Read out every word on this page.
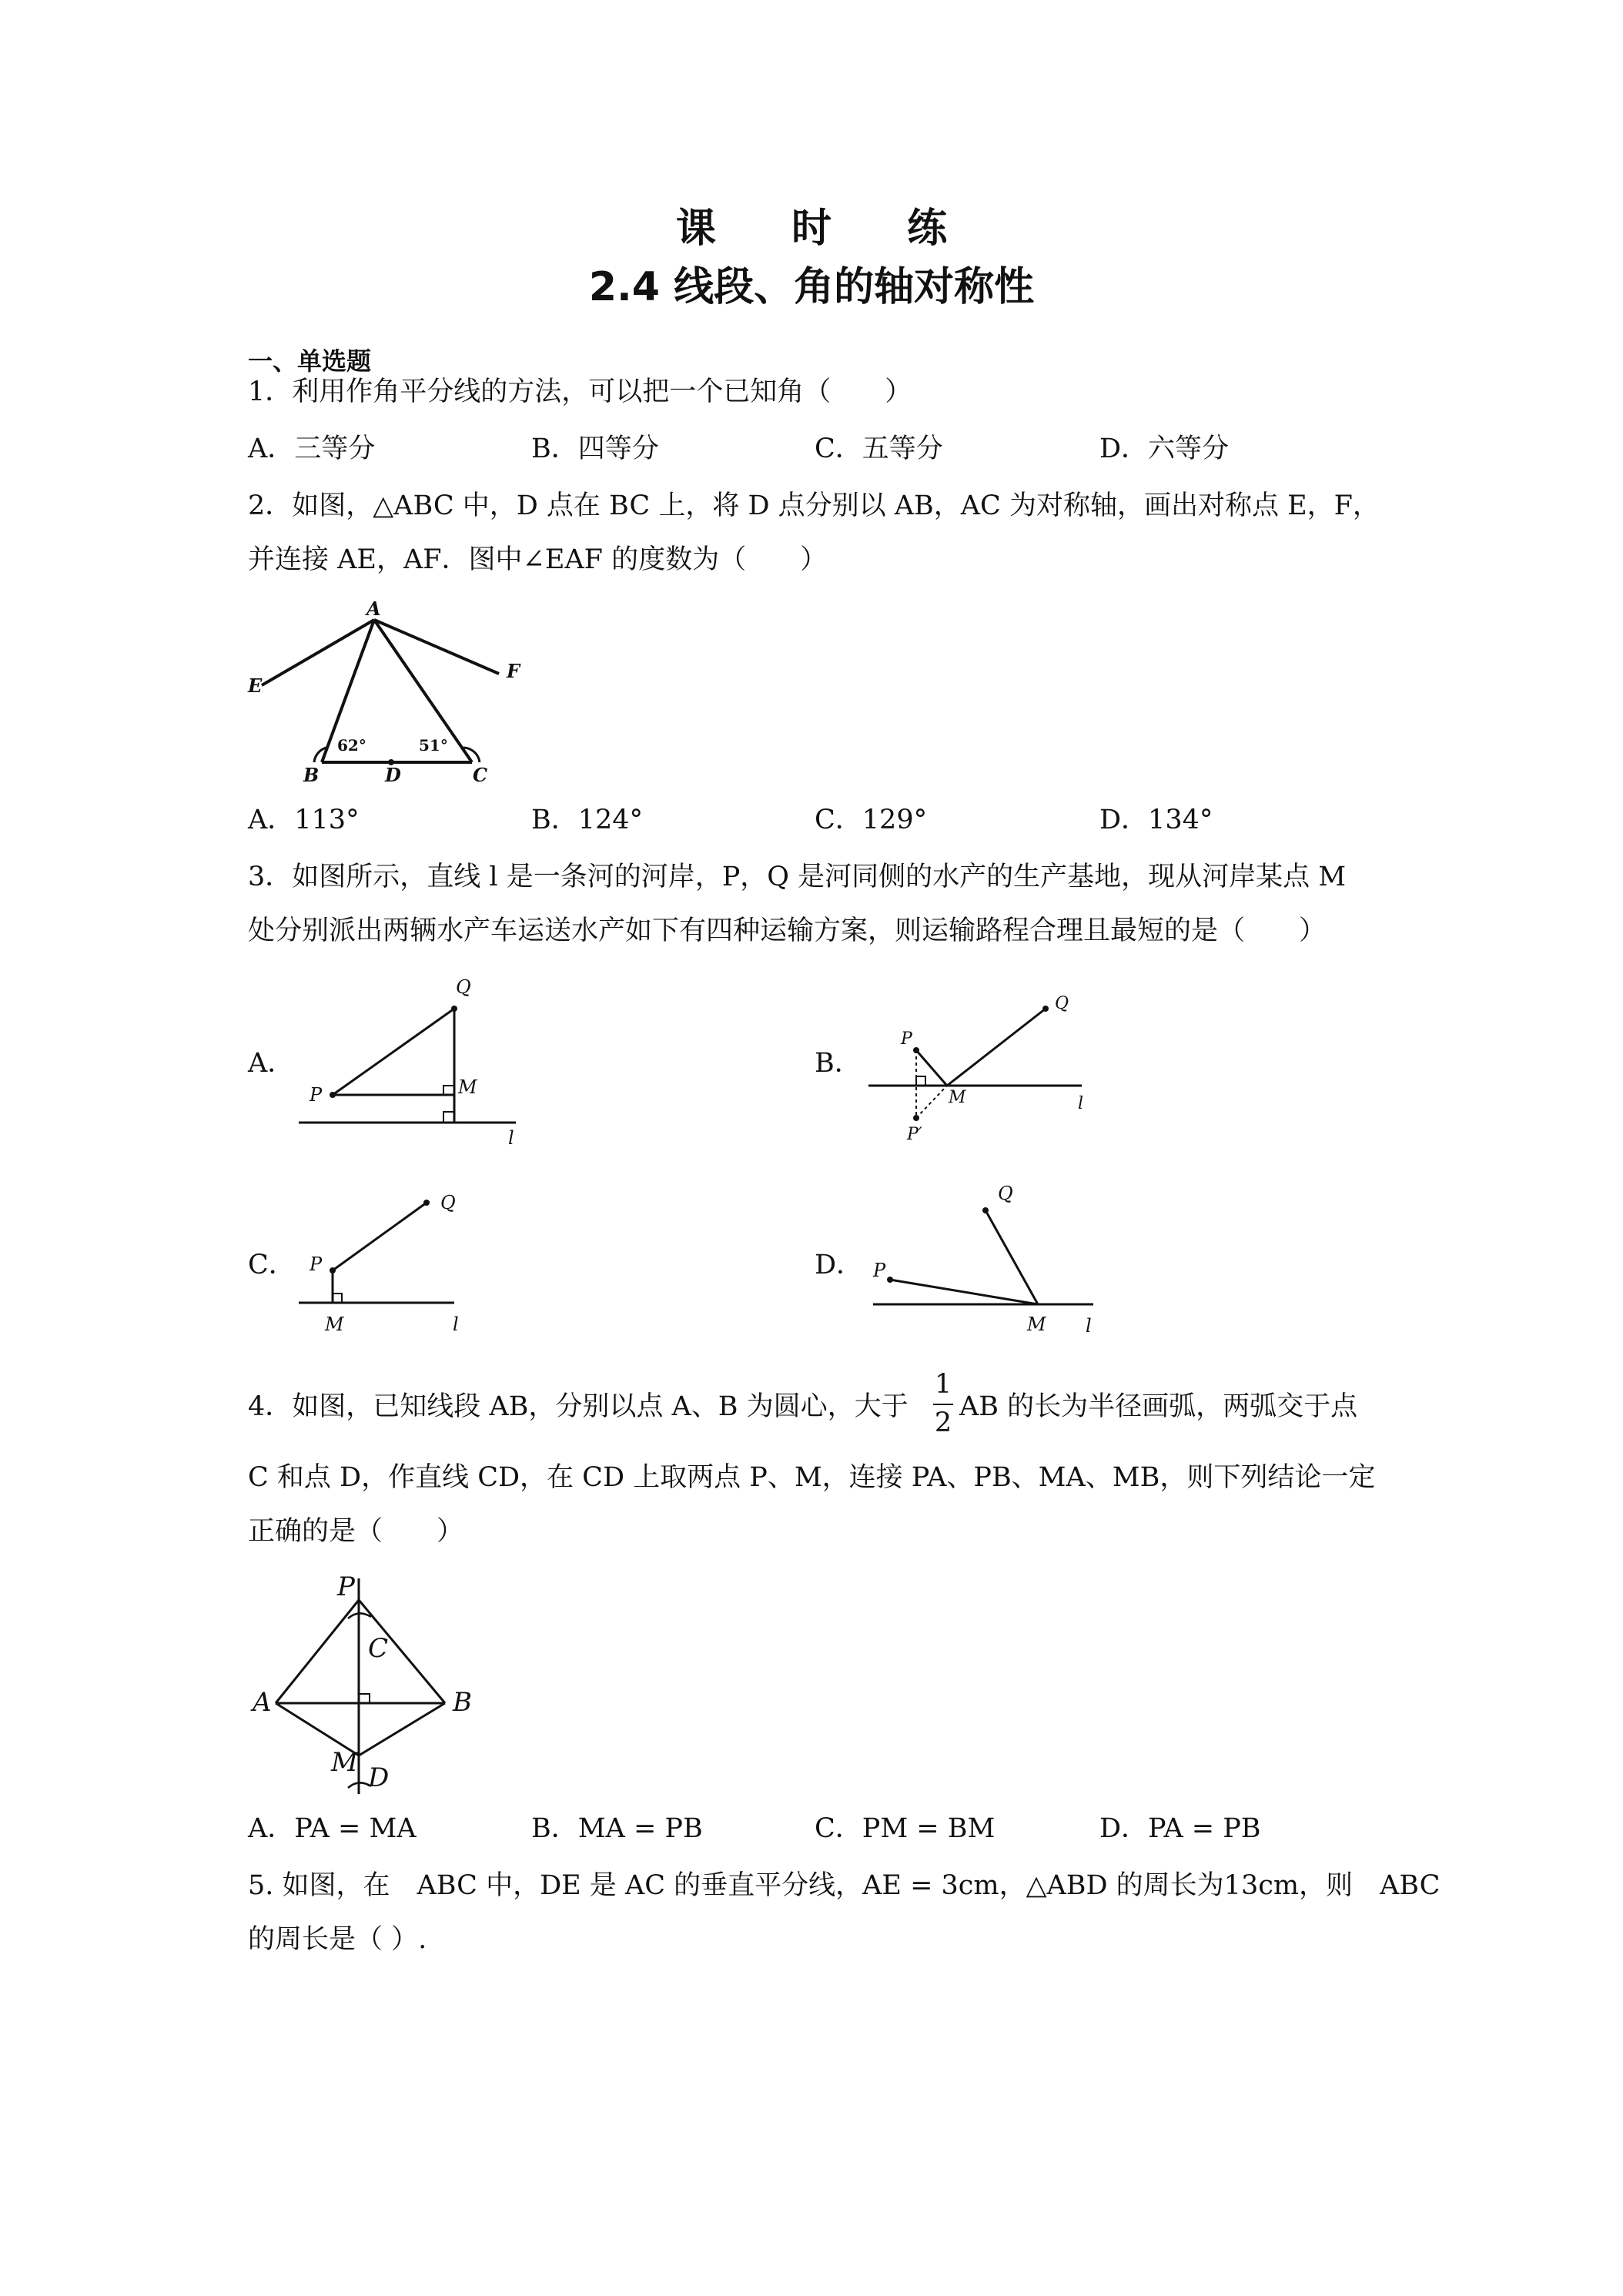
课 时 练
2.4 线段、角的轴对称性
一、单选题
1．利用作角平分线的方法，可以把一个已知角（　　）
A．三等分	B．四等分	C．五等分	D．六等分
2．如图，△ABC 中，D 点在 BC 上，将 D 点分别以 AB，AC 为对称轴，画出对称点 E，F，
并连接 AE，AF．图中∠EAF 的度数为（　　）
A
E
F
B	D	C
62°	51°
A．113°	B．124°	C．129°	D．134°
3．如图所示，直线 l 是一条河的河岸，P，Q 是河同侧的水产的生产基地，现从河岸某点 M
处分别派出两辆水产车运送水产如下有四种运输方案，则运输路程合理且最短的是（　　）
A．
P
Q
M
l
B．
P
Q
M	l
P′
C． P
Q
M	l
D． P
Q
M l
4．如图，已知线段 AB，分别以点 A、B 为圆心，大于
1
2
AB 的长为半径画弧，两弧交于点
C 和点 D，作直线 CD，在 CD 上取两点 P、M，连接 PA、PB、MA、MB，则下列结论一定
正确的是（　　）
P
C
A	B
M D
A．PA = MA	B．MA = PB	C．PM = BM	D．PA = PB
5. 如图，在　ABC 中，DE 是 AC 的垂直平分线，AE = 3cm，△ABD 的周长为13cm，则　ABC
的周长是（ ）.
